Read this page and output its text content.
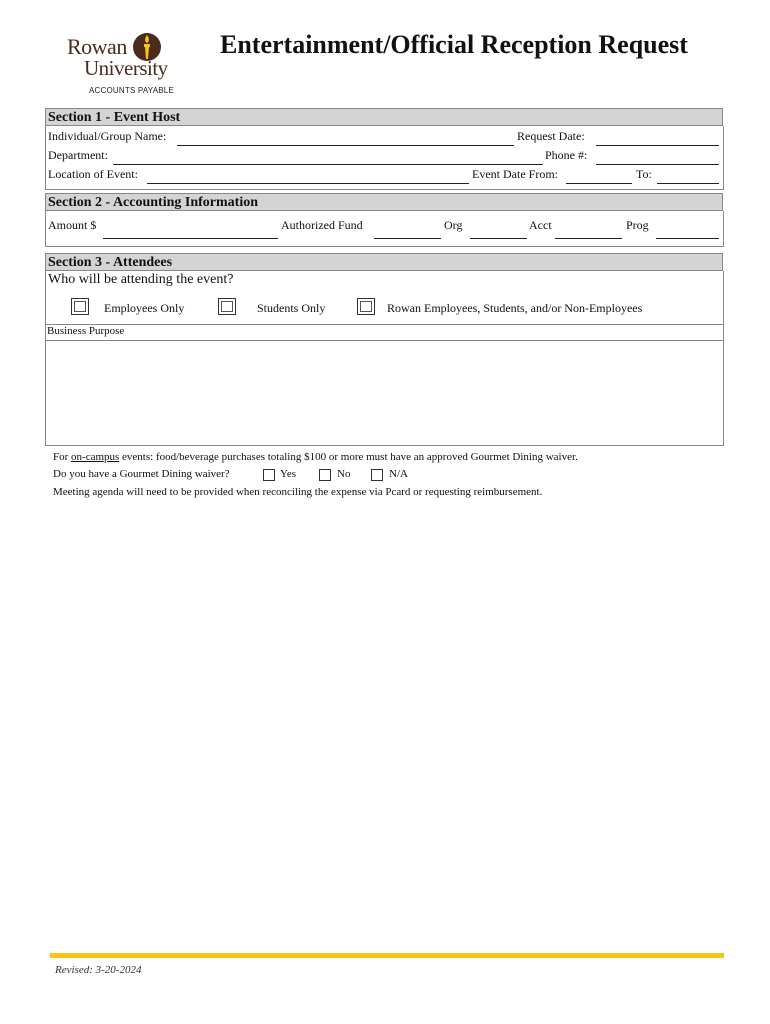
Rowan
University
ACCOUNTS PAYABLE
Entertainment/Official Reception Request
Section 1 - Event Host
Individual/Group Name:	Request Date:
Department:	Phone #:
Location of Event:	Event Date From:	To:
Section 2 - Accounting Information
Amount $	Authorized Fund	Org	Acct	Prog
Section 3 - Attendees
Who will be attending the event?
Employees Only	Students Only	Rowan Employees, Students, and/or Non-Employees
Business Purpose
For on-campus events: food/beverage purchases totaling $100 or more must have an approved Gourmet Dining waiver.
Do you have a Gourmet Dining waiver?	Yes	No	N/A
Meeting agenda will need to be provided when reconciling the expense via Pcard or requesting reimbursement.
Revised: 3-20-2024
